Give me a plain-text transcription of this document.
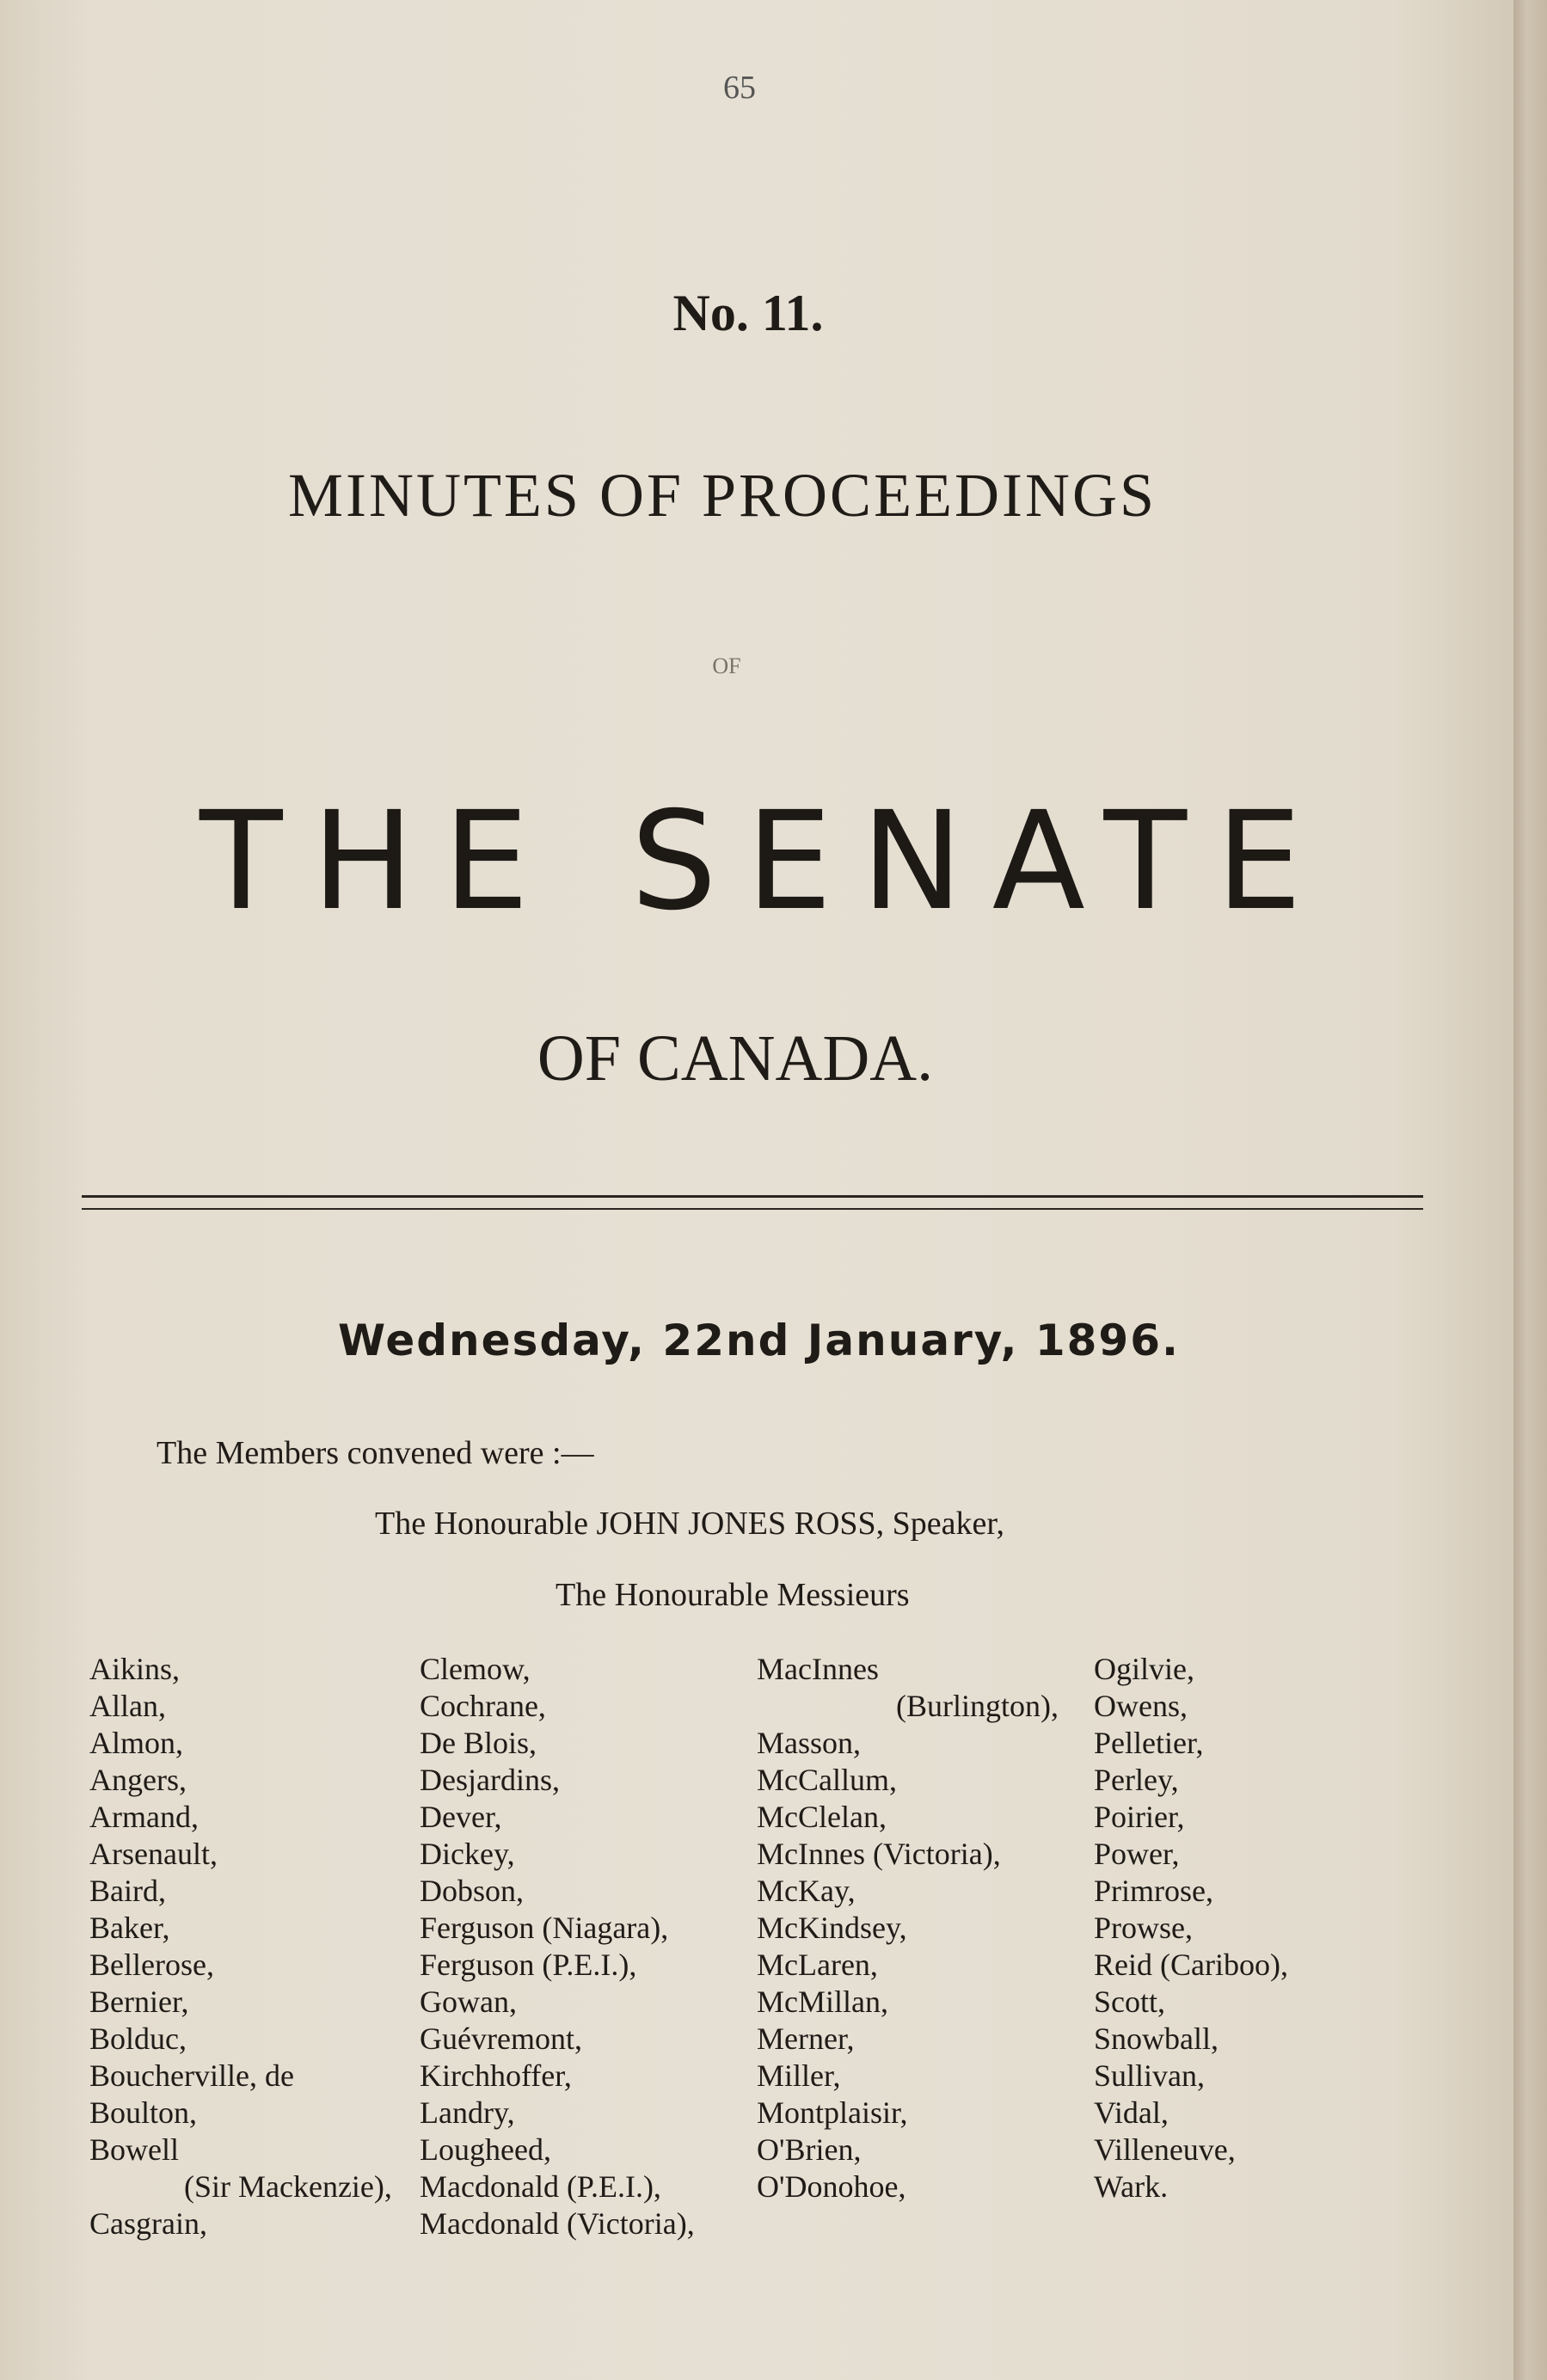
65
No. 11.
MINUTES OF PROCEEDINGS
OF
THE SENATE
OF CANADA.
Wednesday, 22nd January, 1896.
The Members convened were :—
The Honourable JOHN JONES ROSS, Speaker,
The Honourable Messieurs
Aikins,
Allan,
Almon,
Angers,
Armand,
Arsenault,
Baird,
Baker,
Bellerose,
Bernier,
Bolduc,
Boucherville, de
Boulton,
Bowell
(Sir Mackenzie),
Casgrain,
Clemow,
Cochrane,
De Blois,
Desjardins,
Dever,
Dickey,
Dobson,
Ferguson (Niagara),
Ferguson (P.E.I.),
Gowan,
Guévremont,
Kirchhoffer,
Landry,
Lougheed,
Macdonald (P.E.I.),
Macdonald (Victoria),
MacInnes
(Burlington),
Masson,
McCallum,
McClelan,
McInnes (Victoria),
McKay,
McKindsey,
McLaren,
McMillan,
Merner,
Miller,
Montplaisir,
O'Brien,
O'Donohoe,
Ogilvie,
Owens,
Pelletier,
Perley,
Poirier,
Power,
Primrose,
Prowse,
Reid (Cariboo),
Scott,
Snowball,
Sullivan,
Vidal,
Villeneuve,
Wark.
